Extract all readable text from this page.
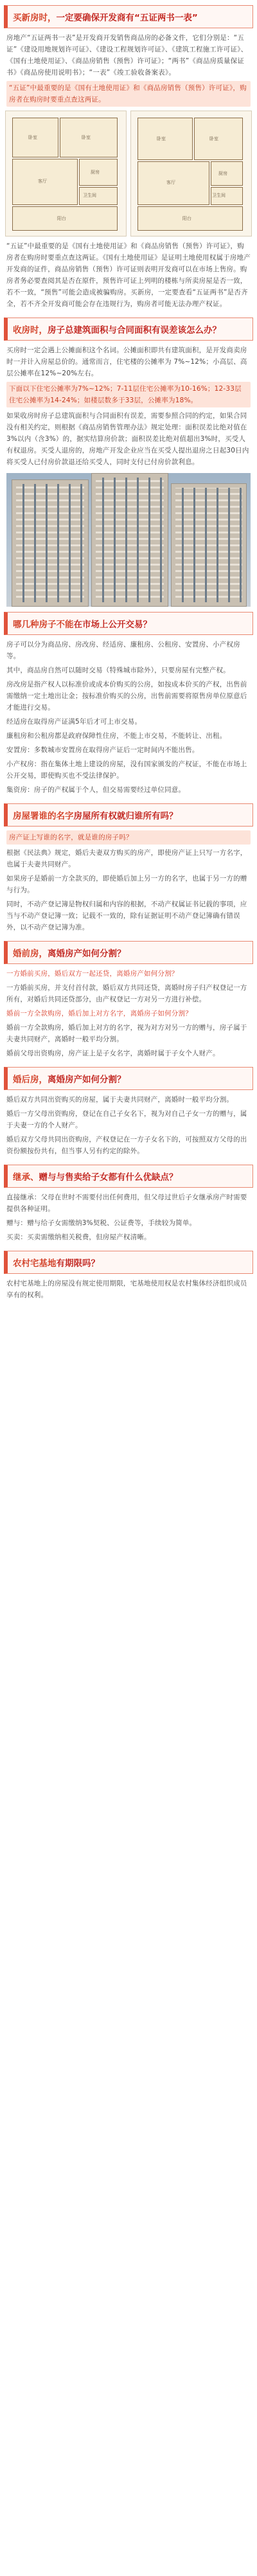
买新房时，一定要确保开发商有“五证两书一表”

房地产“五证两书一表”是开发商开发销售商品房的必备文件，它们分别是：“五证”《建设用地规划许可证》、《建设工程规划许可证》、《建筑工程施工许可证》、《国有土地使用证》、《商品房销售（预售）许可证》；“两书”《商品房质量保证书》《商品房使用说明书》；“一表”《竣工验收备案表》。

“五证”中最重要的是《国有土地使用证》和《商品房销售（预售）许可证》，购房者在购房时要重点查这两证。

卧室	卧室
客厅
厨房
卫生间
阳台
卧室	卧室
客厅
厨房
卫生间
阳台

“五证”中最重要的是《国有土地使用证》和《商品房销售（预售）许可证》，购房者在购房时要重点查这两证。《国有土地使用证》是证明土地使用权属于房地产开发商的证件，商品房销售（预售）许可证则表明开发商可以在市场上售房。购房者务必要查阅其是否在原件，预售许可证上列明的楼栋与所卖房屋是否一致，若不一致，“预售”可能会造成被骗购房。买新房，一定要查看“五证两书”是否齐全，若不齐全开发商可能会存在违规行为，购房者可能无法办理产权证。

收房时，房子总建筑面积与合同面积有误差该怎么办？

买房时一定会遇上公摊面积这个名词。公摊面积即共有建筑面积，是开发商卖房时一并计入房屋总价的。通常而言，住宅楼的公摊率为 7%~12%；小高层、高层公摊率在12%~20%左右。

下面以下住宅公摊率为7%~12%；7-11层住宅公摊率为10-16%；12-33层住宅公摊率为14-24%；如楼层数多于33层，公摊率为18%。

如果收房时房子总建筑面积与合同面积有误差，需要参照合同的约定，如果合同没有相关约定，则根据《商品房销售管理办法》规定处理：面积误差比绝对值在3%以内（含3%）的，据实结算房价款；面积误差比绝对值超出3%时，买受人有权退房。买受人退房的，房地产开发企业应当在买受人提出退房之日起30日内将买受人已付房价款退还给买受人，同时支付已付房价款利息。

哪几种房子不能在市场上公开交易？

房子可以分为商品房、房改房、经适房、廉租房、公租房、安置房、小产权房等。

其中，商品房自然可以随时交易（特殊城市除外），只要房屋有完整产权。

房改房是指产权人以标准价或成本价购买的公房，如按成本价买的产权，出售前需缴纳一定土地出让金；按标准价购买的公房，出售前需要将原售房单位原意后才能进行交易。

经适房在取得房产证满5年后才可上市交易。

廉租房和公租房都是政府保障性住房，不能上市交易，不能转让、出租。

安置房：多数城市安置房在取得房产证后一定时间内不能出售。

小产权房：指在集体土地上建设的房屋，没有国家颁发的产权证，不能在市场上公开交易，即使购买也不受法律保护。

集资房：房子的产权属于个人，但交易需要经过单位同意。

房屋署谁的名字房屋所有权就归谁所有吗？

房产证上写谁的名字，就是谁的房子吗？

根据《民法典》规定，婚后夫妻双方购买的房产，即使房产证上只写一方名字，也属于夫妻共同财产。

如果房子是婚前一方全款买的，即使婚后加上另一方的名字，也属于另一方的赠与行为。

同时，不动产登记簿是物权归属和内容的根据，不动产权属证书记载的事项，应当与不动产登记簿一致；记载不一致的，除有证据证明不动产登记簿确有错误外，以不动产登记簿为准。

婚前房，离婚房产如何分割？

一方婚前买房，婚后双方一起还贷，离婚房产如何分割？

一方婚前买房，并支付首付款，婚后双方共同还贷，离婚时房子归产权登记一方所有，对婚后共同还贷部分，由产权登记一方对另一方进行补偿。

婚前一方全款购房，婚后加上对方名字，离婚房子如何分割？

婚前一方全款购房，婚后加上对方的名字，视为对方对另一方的赠与，房子属于夫妻共同财产，离婚时一般平均分割。

婚前父母出资购房，房产证上是子女名字，离婚时属于子女个人财产。

婚后房，离婚房产如何分割？

婚后双方共同出资购买的房屋，属于夫妻共同财产，离婚时一般平均分割。

婚后一方父母出资购房，登记在自己子女名下，视为对自己子女一方的赠与，属于夫妻一方的个人财产。

婚后双方父母共同出资购房，产权登记在一方子女名下的，可按照双方父母的出资份额按份共有，但当事人另有约定的除外。

继承、赠与与售卖给子女都有什么优缺点？

直接继承：父母在世时不需要付出任何费用，但父母过世后子女继承房产时需要提供各种证明。

赠与：赠与给子女需缴纳3%契税、公证费等，手续较为简单。

买卖：买卖需缴纳相关税费，但房屋产权清晰。

农村宅基地有期限吗？

农村宅基地上的房屋没有规定使用期限，宅基地使用权是农村集体经济组织成员享有的权利。
